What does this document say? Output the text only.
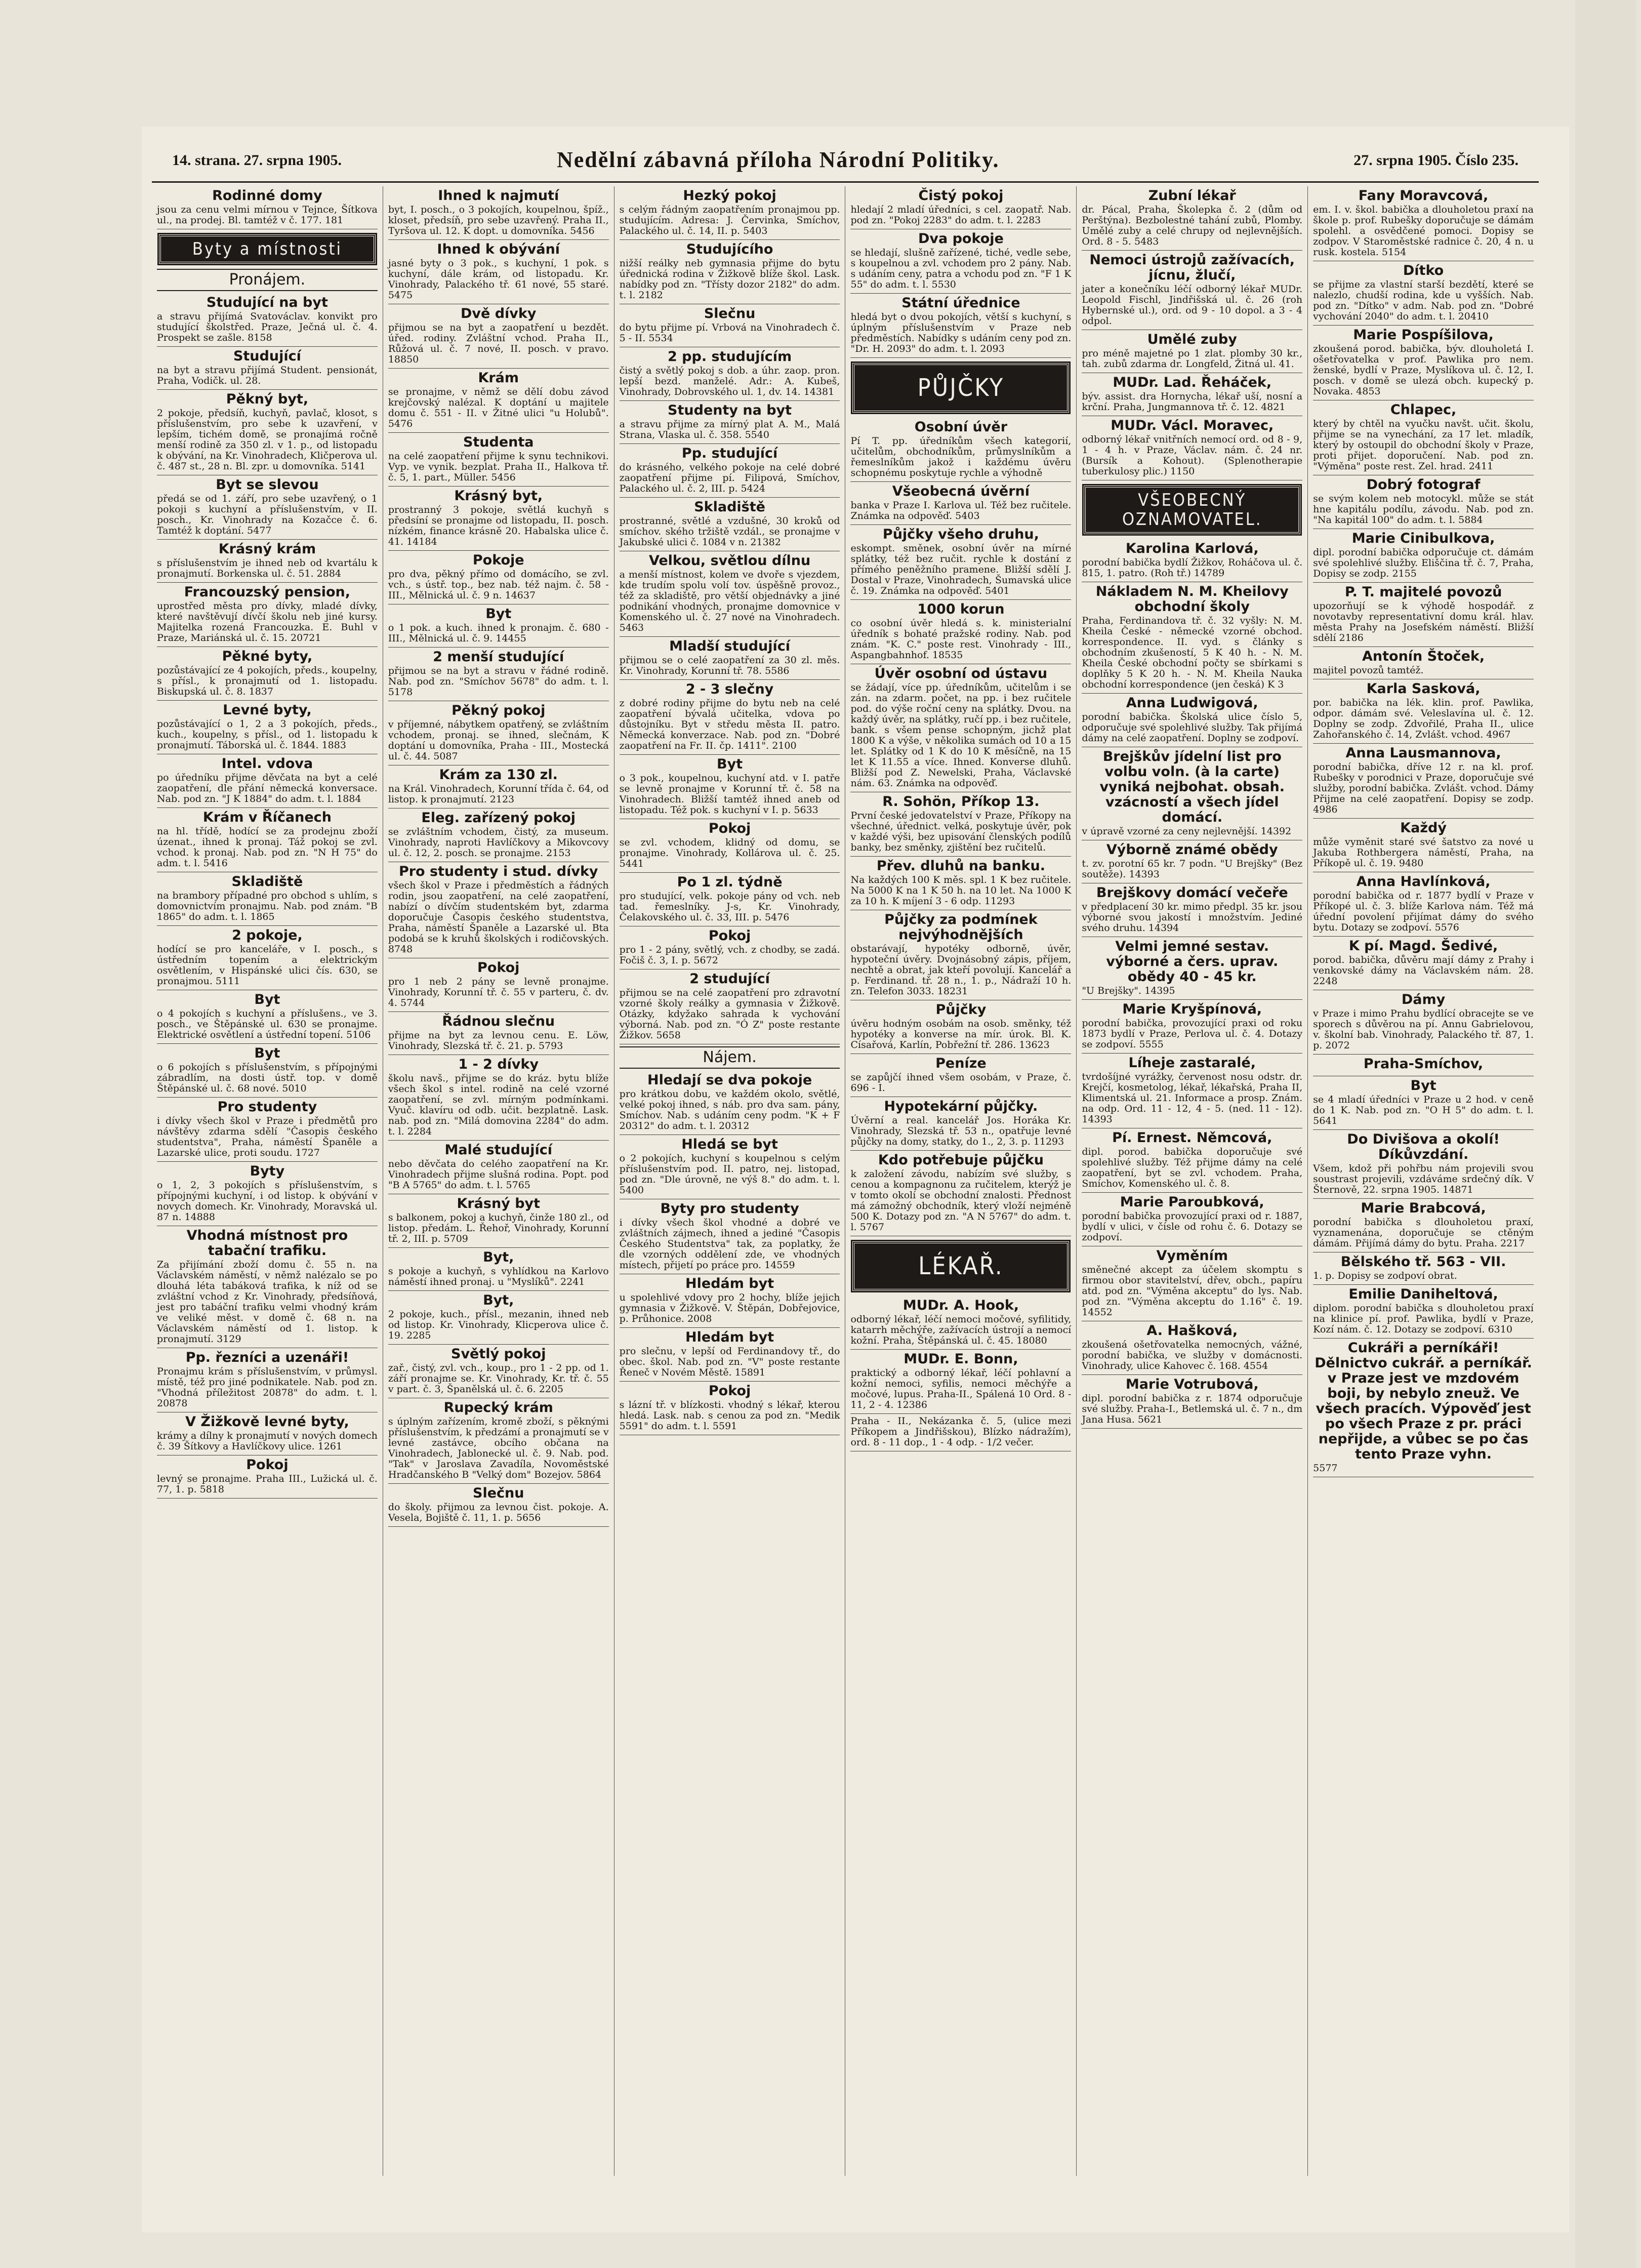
14. strana. 27. srpna 1905.	Nedělní zábavná příloha Národní Politiky.	27. srpna 1905. Číslo 235.
Rodinné domy

jsou za cenu velmi mírnou v Tejnce, Šítkova ul., na prodej. Bl. tamtéž v č. 177. 181

Byty a místnosti
Pronájem.
Studující na byt

a stravu přijímá Svatováclav. konvikt pro studující školstřed. Praze, Ječná ul. č. 4. Prospekt se zašle. 8158

Studující

na byt a stravu přijímá Student. pensionát, Praha, Vodičk. ul. 28.

Pěkný byt,

2 pokoje, předsíň, kuchyň, pavlač, klosot, s příslušenstvím, pro sebe k uzavření, v lepším, tichém domě, se pronajímá ročně menší rodině za 350 zl. v 1. p., od listopadu k obývání, na Kr. Vinohradech, Kličperova ul. č. 487 st., 28 n. Bl. zpr. u domovníka. 5141

Byt se slevou

předá se od 1. září, pro sebe uzavřený, o 1 pokoji s kuchyní a příslušenstvím, v II. posch., Kr. Vinohrady na Kozačce č. 6. Tamtéž k doptání. 5477

Krásný krám

s příslušenstvím je ihned neb od kvartálu k pronajmutí. Borkenska ul. č. 51. 2884

Francouzský pension,

uprostřed města pro dívky, mladé dívky, které navštěvují dívčí školu neb jiné kursy. Majitelka rozená Francouzka. E. Buhl v Praze, Mariánská ul. č. 15. 20721

Pěkné byty,

pozůstávající ze 4 pokojích, předs., koupelny, s přísl., k pronajmutí od 1. listopadu. Biskupská ul. č. 8. 1837

Levné byty,

pozůstávající o 1, 2 a 3 pokojích, předs., kuch., koupelny, s přísl., od 1. listopadu k pronajmutí. Táborská ul. č. 1844. 1883

Intel. vdova

po úředníku přijme děvčata na byt a celé zaopatření, dle přání německá konversace. Nab. pod zn. "J K 1884" do adm. t. l. 1884

Krám v Říčanech

na hl. třídě, hodící se za prodejnu zboží úzenat., ihned k pronaj. Táž pokoj se zvl. vchod. k pronaj. Nab. pod zn. "N H 75" do adm. t. l. 5416

Skladiště

na brambory případné pro obchod s uhlím, s domovnictvím pronajmu. Nab. pod znám. "B 1865" do adm. t. l. 1865

2 pokoje,

hodící se pro kanceláře, v I. posch., s ústředním topením a elektrickým osvětlením, v Hispánské ulici čís. 630, se pronajmou. 5111

Byt

o 4 pokojích s kuchyní a příslušens., ve 3. posch., ve Štěpánské ul. 630 se pronajme. Elektrické osvětlení a ústřední topení. 5106

Byt

o 6 pokojích s příslušenstvím, s přípojnými zábradlím, na dosti ústř. top. v domě Štěpánské ul. č. 68 nové. 5010

Pro studenty

i dívky všech škol v Praze i předmětů pro návštěvy zdarma sdělí "Časopis českého studentstva", Praha, náměstí Španěle a Lazarské ulice, proti soudu. 1727

Byty

o 1, 2, 3 pokojích s příslušenstvím, s přípojnými kuchyní, i od listop. k obývání v novych domech. Kr. Vinohrady, Moravská ul. 87 n. 14888

Vhodná místnost pro tabační trafiku.

Za přijímání zboží domu č. 55 n. na Václavském náměstí, v němž nalézalo se po dlouhá léta tabáková trafika, k níž od se zvláštní vchod z Kr. Vinohrady, předsíňová, jest pro tabáční trafiku velmi vhodný krám ve veliké měst. v domě č. 68 n. na Václavském náměstí od 1. listop. k pronajmutí. 3129

Pp. řezníci a uzenáři!

Pronajmu krám s příslušenstvím, v průmysl. místě, též pro jiné podnikatele. Nab. pod zn. "Vhodná příležitost 20878" do adm. t. l. 20878

V Žižkově levné byty,

krámy a dílny k pronajmutí v nových domech č. 39 Šítkovy a Havlíčkovy ulice. 1261

Pokoj

levný se pronajme. Praha III., Lužická ul. č. 77, 1. p. 5818

Ihned k najmutí

byt, I. posch., o 3 pokojích, koupelnou, špíž., kloset, předsíň, pro sebe uzavřený. Praha II., Tyršova ul. 12. K dopt. u domovníka. 5456

Ihned k obývání

jasné byty o 3 pok., s kuchyní, 1 pok. s kuchyní, dále krám, od listopadu. Kr. Vinohrady, Palackého tř. 61 nové, 55 staré. 5475

Dvě dívky

přijmou se na byt a zaopatření u bezdět. úřed. rodiny. Zvláštní vchod. Praha II., Růžová ul. č. 7 nové, II. posch. v pravo. 18850

Krám

se pronajme, v němž se dělí dobu závod krejčovský nalézal. K doptání u majitele domu č. 551 - II. v Žitné ulici "u Holubů". 5476

Studenta

na celé zaopatření přijme k synu technikovi. Vyp. ve vynik. bezplat. Praha II., Halkova tř. č. 5, 1. part., Müller. 5456

Krásný byt,

prostranný 3 pokoje, světlá kuchyň s předsíní se pronajme od listopadu, II. posch. nízkém, finance krásně 20. Habalska ulice č. 41. 14184

Pokoje

pro dva, pěkný přímo od domácího, se zvl. vch., s ústř. top., bez nab. též najm. č. 58 - III., Mělnická ul. č. 9 n. 14637

Byt

o 1 pok. a kuch. ihned k pronajm. č. 680 - III., Mělnická ul. č. 9. 14455

2 menší studující

přijmou se na byt a stravu v řádné rodině. Nab. pod zn. "Smíchov 5678" do adm. t. l. 5178

Pěkný pokoj

v příjemné, nábytkem opatřený, se zvláštním vchodem, pronaj. se ihned, slečnám, K doptání u domovníka, Praha - III., Mostecká ul. č. 44. 5087

Krám za 130 zl.

na Král. Vinohradech, Korunní třída č. 64, od listop. k pronajmutí. 2123

Eleg. zařízený pokoj

se zvláštním vchodem, čistý, za museum. Vinohrady, naproti Havlíčkovy a Mikovcovy ul. č. 12, 2. posch. se pronajme. 2153

Pro studenty i stud. dívky

všech škol v Praze i předměstích a řádných rodin, jsou zaopatření, na celé zaopatření, nabízí o dívčím studentském byt, zdarma doporučuje Časopis českého studentstva, Praha, náměstí Španěle a Lazarské ul. Bta podobá se k kruhů školských i rodičovských. 8748

Pokoj

pro 1 neb 2 pány se levně pronajme. Vinohrady, Korunní tř. č. 55 v parteru, č. dv. 4. 5744

Řádnou slečnu

přijme na byt za levnou cenu. E. Löw, Vinohrady, Slezská tř. č. 21. p. 5793

1 - 2 dívky

školu navš., přijme se do kráz. bytu blíže všech škol s intel. rodině na celé vzorné zaopatření, se zvl. mírným podmínkami. Vyuč. klavíru od odb. učit. bezplatně. Lask. nab. pod zn. "Milá domovina 2284" do adm. t. l. 2284

Malé studující

nebo děvčata do celého zaopatření na Kr. Vinohradech přijme slušná rodina. Popt. pod "B A 5765" do adm. t. l. 5765

Krásný byt

s balkonem, pokoj a kuchyň, činže 180 zl., od listop. předám. L. Řehoř, Vinohrady, Korunní tř. 2, III. p. 5709

Byt,

s pokoje a kuchyň, s vyhlídkou na Karlovo náměstí ihned pronaj. u "Myslíků". 2241

Byt,

2 pokoje, kuch., přísl., mezanin, ihned neb od listop. Kr. Vinohrady, Klicperova ulice č. 19. 2285

Světlý pokoj

zař., čistý, zvl. vch., koup., pro 1 - 2 pp. od 1. září pronajme se. Kr. Vinohrady, Kr. tř. č. 55 v part. č. 3, Španělská ul. č. 6. 2205

Rupecký krám

s úplným zařízením, kromě zboží, s pěknými příslušenstvím, k předzámí a pronajmutí se v levné zastávce, obcího občana na Vinohradech, Jablonecké ul. č. 9. Nab. pod. "Tak" v Jaroslava Zavadíla, Novoměstské Hradčanského B "Velký dom" Bozejov. 5864

Slečnu

do školy. přijmou za levnou čist. pokoje. A. Vesela, Bojiště č. 11, 1. p. 5656

Hezký pokoj

s celým řádným zaopatřením pronajmou pp. studujícím. Adresa: J. Červinka, Smíchov, Palackého ul. č. 14, II. p. 5403

Studujícího

nižší reálky neb gymnasia přijme do bytu úřednická rodina v Žižkově blíže škol. Lask. nabídky pod zn. "Třísty dozor 2182" do adm. t. l. 2182

Slečnu

do bytu přijme pí. Vrbová na Vinohradech č. 5 - II. 5534

2 pp. studujícím

čistý a světlý pokoj s dob. a úhr. zaop. pron. lepší bezd. manželé. Adr.: A. Kubeš, Vinohrady, Dobrovského ul. 1, dv. 14. 14381

Studenty na byt

a stravu přijme za mírný plat A. M., Malá Strana, Vlaska ul. č. 358. 5540

Pp. studující

do krásného, velkého pokoje na celé dobré zaopatření přijme pí. Filipová, Smíchov, Palackého ul. č. 2, III. p. 5424

Skladiště

prostranné, světlé a vzdušné, 30 kroků od smíchov. ského tržiště vzdál., se pronajme v Jakubské ulici č. 1084 v n. 21382

Velkou, světlou dílnu

a menší místnost, kolem ve dvoře s vjezdem, kde trudím spolu volí tov. úspěšně provoz., též za skladiště, pro větší objednávky a jiné podnikání vhodných, pronajme domovnice v Komenského ul. č. 27 nové na Vinohradech. 5463

Mladší studující

přijmou se o celé zaopatření za 30 zl. měs. Kr. Vinohrady, Korunní tř. 78. 5586

2 - 3 slečny

z dobré rodiny přijme do bytu neb na celé zaopatření bývalá učitelka, vdova po důstojníku. Byt v středu města II. patro. Německá konverzace. Nab. pod zn. "Dobré zaopatření na Fr. II. čp. 1411". 2100

Byt

o 3 pok., koupelnou, kuchyní atd. v I. patře se levně pronajme v Korunní tř. č. 58 na Vinohradech. Bližší tamtéž ihned aneb od listopadu. Též pok. s kuchyní v I. p. 5633

Pokoj

se zvl. vchodem, klidný od domu, se pronajme. Vinohrady, Kollárova ul. č. 25. 5441

Po 1 zl. týdně

pro studující, velk. pokoje pány od vch. neb tad. řemeslníky. J-s, Kr. Vinohrady, Čelakovského ul. č. 33, III. p. 5476

Pokoj

pro 1 - 2 pány, světlý, vch. z chodby, se zadá. Fočiš č. 3, I. p. 5672

2 studující

přijmou se na celé zaopatření pro zdravotní vzorné školy reálky a gymnasia v Žižkově. Otázky, kdyžako sahrada k vychování výborná. Nab. pod zn. "Ó Z" poste restante Žižkov. 5658

Nájem.
Hledají se dva pokoje

pro krátkou dobu, ve každém okolo, světlé, velké pokoj ihned, s náb. pro dva sam. pány, Smíchov. Nab. s udáním ceny podm. "K + F 20312" do adm. t. l. 20312

Hledá se byt

o 2 pokojích, kuchyní s koupelnou s celým příslušenstvím pod. II. patro, nej. listopad, pod zn. "Dle úrovně, ne výš 8." do adm. t. l. 5400

Byty pro studenty

i dívky všech škol vhodné a dobré ve zvláštních zájmech, ihned a jediné "Časopis Českého Studentstva" tak, za poplatky, že dle vzorných oddělení zde, ve vhodných místech, přijetí po práce pro. 14559

Hledám byt

u spolehlivé vdovy pro 2 hochy, blíže jejich gymnasia v Žižkově. V. Štěpán, Dobřejovice, p. Průhonice. 2008

Hledám byt

pro slečnu, v lepší od Ferdinandovy tř., do obec. škol. Nab. pod zn. "V" poste restante Řeneč v Novém Městě. 15891

Pokoj

s lázní tř. v blízkosti. vhodný s lékař, kterou hledá. Lask. nab. s cenou za pod zn. "Medik 5591" do adm. t. l. 5591

Čistý pokoj

hledají 2 mladí úředníci, s cel. zaopatř. Nab. pod zn. "Pokoj 2283" do adm. t. l. 2283

Dva pokoje

se hledají, slušně zařízené, tiché, vedle sebe, s koupelnou a zvl. vchodem pro 2 pány. Nab. s udáním ceny, patra a vchodu pod zn. "F 1 K 55" do adm. t. l. 5530

Státní úřednice

hledá byt o dvou pokojích, větší s kuchyní, s úplným příslušenstvím v Praze neb předměstích. Nabídky s udáním ceny pod zn. "Dr. H. 2093" do adm. t. l. 2093

PŮJČKY
Osobní úvěr

Pí T. pp. úředníkům všech kategorií, učitelům, obchodníkům, průmyslníkům a řemeslníkům jakož i každému úvěru schopnému poskytuje rychle a výhodně

Všeobecná úvěrní

banka v Praze I. Karlova ul. Též bez ručitele. Známka na odpověď. 5403

Půjčky všeho druhu,

eskompt. směnek, osobní úvěr na mírné splátky, též bez ručit. rychle k dostání z přímého peněžního pramene. Bližší sdělí J. Dostal v Praze, Vinohradech, Šumavská ulice č. 19. Známka na odpověď. 5401

1000 korun

co osobní úvěr hledá s. k. ministerialní úředník s bohaté pražské rodiny. Nab. pod znám. "K. C." poste rest. Vinohrady - III., Aspangbahnhof. 18535

Úvěr osobní od ústavu

se žádají, více pp. úředníkům, učitelům i se zán. na zdarm. počet, na pp. i bez ručitele pod. do výše roční ceny na splátky. Dvou. na každý úvěr, na splátky, ručí pp. i bez ručitele, bank. s všem pense schopným, jichž plat 1800 K a výše, v několika sumách od 10 a 15 let. Splátky od 1 K do 10 K měsíčně, na 15 let K 11.55 a více. Ihned. Konverse dluhů. Bližší pod Z. Newelski, Praha, Václavské nám. 63. Známka na odpověď.

R. Sohön, Příkop 13.

První české jedovatelství v Praze, Příkopy na všechné, úřednict. velká, poskytuje úvěr, pok v každé výši, bez upisování členských podílů banky, bez směnky, zjištění bez ručitelů.

Přev. dluhů na banku.

Na každých 100 K měs. spl. 1 K bez ručitele. Na 5000 K na 1 K 50 h. na 10 let. Na 1000 K za 10 h. K míjení 3 - 6 odp. 11293

Půjčky za podmínek nejvýhodnějších

obstarávají, hypotéky odborně, úvěr, hypoteční úvěry. Dvojnásobný zápis, příjem, nechtě a obrat, jak kteří povolují. Kancelář a p. Ferdinand. tř. 28 n., 1. p., Nádraží 10 h. zn. Telefon 3033. 18231

Půjčky

úvěru hodným osobám na osob. směnky, též hypotéky a konverse na mír. úrok. Bl. K. Císařová, Karlín, Pobřežní tř. 286. 13623

Peníze

se zapůjčí ihned všem osobám, v Praze, č. 696 - I.

Hypotekární půjčky.

Úvěrní a real. kancelář Jos. Horáka Kr. Vinohrady, Slezská tř. 53 n., opatřuje levné půjčky na domy, statky, do 1., 2, 3. p. 11293

Kdo potřebuje půjčku

k založení závodu, nabízím své služby, s cenou a kompagnonu za ručitelem, kterýž je v tomto okolí se obchodní znalosti. Přednost má zámožný obchodník, který vloží nejméně 500 K. Dotazy pod zn. "A N 5767" do adm. t. l. 5767

LÉKAŘ.
MUDr. A. Hook,

odborný lékař, léčí nemoci močové, syfilitidy, katarrh měchýře, zažívacích ústrojí a nemocí kožní. Praha, Štěpánská ul. č. 45. 18080

MUDr. E. Bonn,

praktický a odborný lékař, léčí pohlavní a kožní nemoci, syfilis, nemoci měchýře a močové, lupus. Praha-II., Spálená 10 Ord. 8 - 11, 2 - 4. 12386

Praha - II., Nekázanka č. 5, (ulice mezi Příkopem a Jindřišskou), Blízko nádražím), ord. 8 - 11 dop., 1 - 4 odp. - 1/2 večer.

Zubní lékař

dr. Pácal, Praha, Školepka č. 2 (dům od Perštýna). Bezbolestné tahání zubů, Plomby. Umělé zuby a celé chrupy od nejlevnějších. Ord. 8 - 5. 5483

Nemoci ústrojů zažívacích, jícnu, žlučí,

jater a konečníku léčí odborný lékař MUDr. Leopold Fischl, Jindřišská ul. č. 26 (roh Hybernské ul.), ord. od 9 - 10 dopol. a 3 - 4 odpol.

Umělé zuby

pro méně majetné po 1 zlat. plomby 30 kr., tah. zubů zdarma dr. Longfeld, Žitná ul. 41.

MUDr. Lad. Řeháček,

býv. assist. dra Hornycha, lékař uší, nosní a krční. Praha, Jungmannova tř. č. 12. 4821

MUDr. Václ. Moravec,

odborný lékař vnitřních nemocí ord. od 8 - 9, 1 - 4 h. v Praze, Václav. nám. č. 24 nr. (Bursík a Kohout). (Splenotherapie tuberkulosy plic.) 1150

VŠEOBECNÝ OZNAMOVATEL.
Karolina Karlová,

porodní babička bydlí Žižkov, Roháčova ul. č. 815, 1. patro. (Roh tř.) 14789

Nákladem N. M. Kheilovy obchodní školy

Praha, Ferdinandova tř. č. 32 vyšly: N. M. Kheila České - německé vzorné obchod. korrespondence. II. vyd. s články s obchodním zkušeností, 5 K 40 h. - N. M. Kheila České obchodní počty se sbírkami s doplňky 5 K 20 h. - N. M. Kheila Nauka obchodní korrespondence (jen česká) K 3

Anna Ludwigová,

porodní babička. Školská ulice číslo 5, odporučuje své spolehlivé služby. Tak přijímá dámy na celé zaopatření. Doplny se zodpoví.

Brejškův jídelní list pro volbu voln. (à la carte) vyniká nejbohat. obsah. vzácností a všech jídel domácí.

v úpravě vzorné za ceny nejlevnější. 14392

Výborně známé obědy

t. zv. porotní 65 kr. 7 podn. "U Brejšky" (Bez soutěže). 14393

Brejškovy domácí večeře

v předplacení 30 kr. mimo předpl. 35 kr. jsou výborné svou jakostí i množstvím. Jediné svého druhu. 14394

Velmi jemné sestav. výborné a čers. uprav. obědy 40 - 45 kr.

"U Brejšky". 14395

Marie Kryšpínová,

porodní babička, provozující praxi od roku 1873 bydlí v Praze, Perlova ul. č. 4. Dotazy se zodpoví. 5555

Líheje zastaralé,

tvrdošíjné vyrážky, červenost nosu odstr. dr. Krejčí, kosmetolog, lékař, lékařská, Praha II, Klimentská ul. 21. Informace a prosp. Znám. na odp. Ord. 11 - 12, 4 - 5. (ned. 11 - 12). 14393

Pí. Ernest. Němcová,

dipl. porod. babička doporučuje své spolehlivé služby. Též přijme dámy na celé zaopatření, byt se zvl. vchodem. Praha, Smíchov, Komenského ul. č. 8.

Marie Paroubková,

porodní babička provozující praxi od r. 1887, bydlí v ulici, v čísle od rohu č. 6. Dotazy se zodpoví.

Vyměním

směnečné akcept za účelem skomptu s firmou obor stavitelství, dřev, obch., papíru atd. pod zn. "Výměna akceptu" do lys. Nab. pod zn. "Výměna akceptu do 1.16" č. 19. 14552

A. Hašková,

zkoušená ošetřovatelka nemocných, vážné, porodní babička, ve služby v domácnosti. Vinohrady, ulice Kahovec č. 168. 4554

Marie Votrubová,

dipl. porodní babička z r. 1874 odporučuje své služby. Praha-I., Betlemská ul. č. 7 n., dm Jana Husa. 5621

Fany Moravcová,

em. I. v. škol. babička a dlouholetou praxí na škole p. prof. Rubešky doporučuje se dámám spolehl. a osvědčené pomoci. Dopisy se zodpov. V Staroměstské radnice č. 20, 4 n. u rusk. kostela. 5154

Dítko

se přijme za vlastní starší bezdětí, které se nalezlo, chudší rodina, kde u vyšších. Nab. pod zn. "Dítko" v adm. Nab. pod zn. "Dobré vychování 2040" do adm. t. l. 20410

Marie Pospíšilova,

zkoušená porod. babička, býv. dlouholetá I. ošetřovatelka v prof. Pawlika pro nem. ženské, bydlí v Praze, Myslíkova ul. č. 12, I. posch. v domě se ulezá obch. kupecký p. Novaka. 4853

Chlapec,

který by chtěl na vyučku navšt. učit. školu, přijme se na vynechání, za 17 let. mladík, který by ostoupil do obchodní školy v Praze, proti přijet. doporučení. Nab. pod zn. "Výměna" poste rest. Zel. hrad. 2411

Dobrý fotograf

se svým kolem neb motocykl. může se stát hne kapitálu podílu, závodu. Nab. pod zn. "Na kapitál 100" do adm. t. l. 5884

Marie Cinibulkova,

dipl. porodní babička odporučuje ct. dámám své spolehlivé služby. Eliščina tř. č. 7, Praha, Dopisy se zodp. 2155

P. T. majitelé povozů

upozorňují se k výhodě hospodář. z novotavby representativní domu král. hlav. města Prahy na Josefském náměstí. Bližší sdělí 2186

Antonín Štoček,

majitel povozů tamtéž.

Karla Sasková,

por. babička na lék. klin. prof. Pawlika, odpor. dámám své. Veleslavína ul. č. 12. Doplny se zodp. Zdvořilé, Praha II., ulice Zahořanského č. 14, Zvlášt. vchod. 4967

Anna Lausmannova,

porodní babička, dříve 12 r. na kl. prof. Rubešky v porodnici v Praze, doporučuje své služby, porodní babička. Zvlášt. vchod. Dámy Přijme na celé zaopatření. Dopisy se zodp. 4986

Každý

může vyměnit staré své šatstvo za nové u Jakuba Rothbergera náměstí, Praha, na Příkopě ul. č. 19. 9480

Anna Havlínková,

porodní babička od r. 1877 bydlí v Praze v Příkopé ul. č. 3. blíže Karlova nám. Též má úřední povolení přijímat dámy do svého bytu. Dotazy se zodpoví. 5576

K pí. Magd. Šedivé,

porod. babička, důvěru mají dámy z Prahy i venkovské dámy na Václavském nám. 28. 2248

Dámy

v Praze i mimo Prahu bydlící obracejte se ve sporech s důvěrou na pí. Annu Gabrielovou, v. školní bab. Vinohrady, Palackého tř. 87, 1. p. 2072

Praha-Smíchov,
Byt

se 4 mladí úředníci v Praze u 2 hod. v ceně do 1 K. Nab. pod zn. "O H 5" do adm. t. l. 5641

Do Divišova a okolí! Díkůvzdání.

Všem, kdož při pohřbu nám projevili svou soustrast projevili, vzdáváme srdečný dík. V Šternově, 22. srpna 1905. 14871

Marie Brabcová,

porodní babička s dlouholetou praxí, vyznamenána, doporučuje se ctěným dámám. Přijímá dámy do bytu. Praha. 2217

Bělského tř. 563 - VII.

1. p. Dopisy se zodpoví obrat.

Emilie Daniheltová,

diplom. porodní babička s dlouholetou praxí na klinice pí. prof. Pawlika, bydlí v Praze, Kozí nám. č. 12. Dotazy se zodpoví. 6310

Cukráři a perníkáři! Dělnictvo cukrář. a perníkář. v Praze jest ve mzdovém boji, by nebylo zneuž. Ve všech pracích. Výpověď jest po všech Praze z pr. práci nepřijde, a vůbec se po čas tento Praze vyhn.

5577
